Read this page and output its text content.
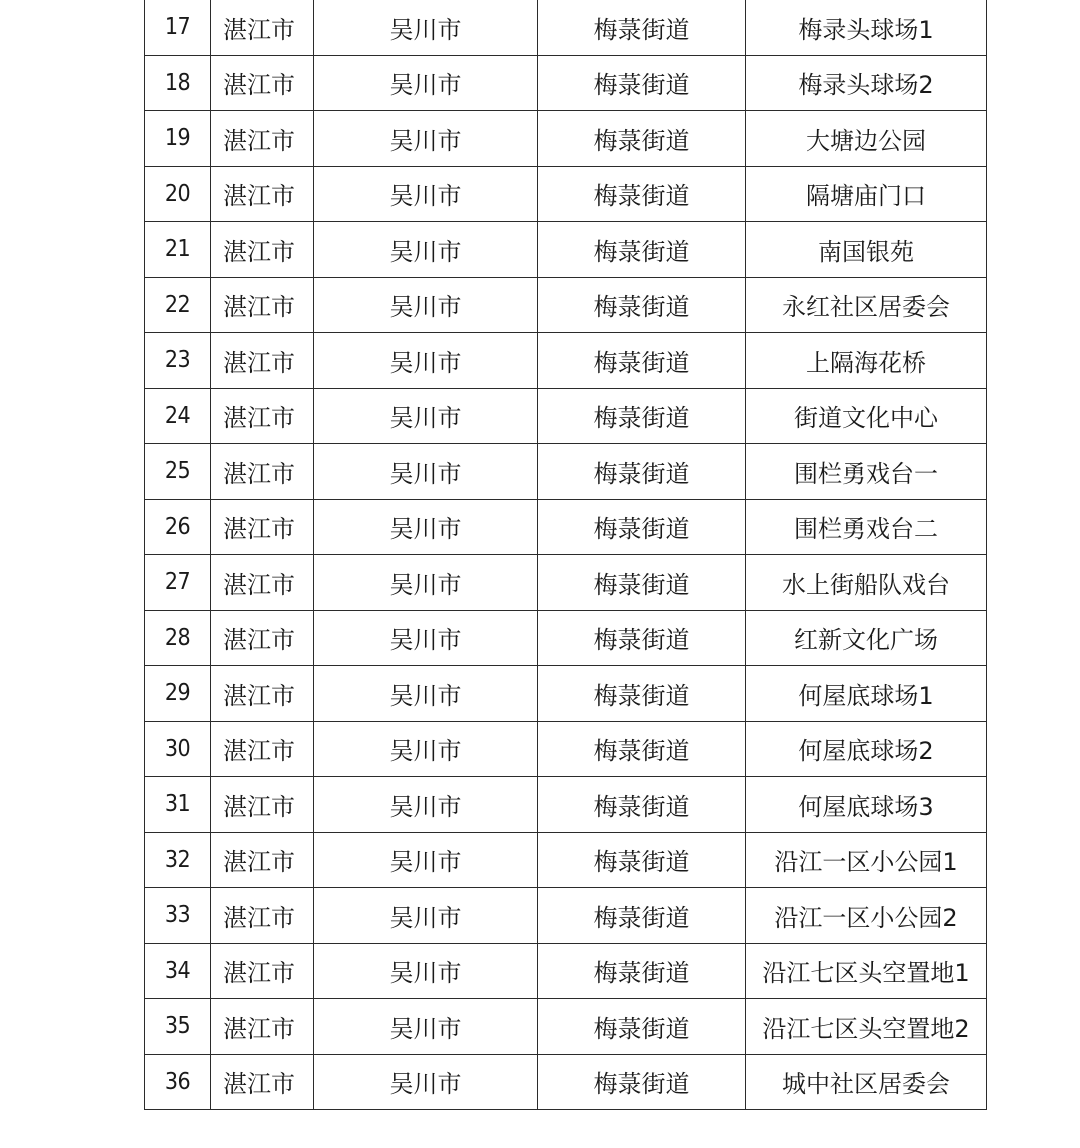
17	湛江市	吴川市	梅菉街道	梅录头球场1
18	湛江市	吴川市	梅菉街道	梅录头球场2
19	湛江市	吴川市	梅菉街道	大塘边公园
20	湛江市	吴川市	梅菉街道	隔塘庙门口
21	湛江市	吴川市	梅菉街道	南国银苑
22	湛江市	吴川市	梅菉街道	永红社区居委会
23	湛江市	吴川市	梅菉街道	上隔海花桥
24	湛江市	吴川市	梅菉街道	街道文化中心
25	湛江市	吴川市	梅菉街道	围栏勇戏台一
26	湛江市	吴川市	梅菉街道	围栏勇戏台二
27	湛江市	吴川市	梅菉街道	水上街船队戏台
28	湛江市	吴川市	梅菉街道	红新文化广场
29	湛江市	吴川市	梅菉街道	何屋底球场1
30	湛江市	吴川市	梅菉街道	何屋底球场2
31	湛江市	吴川市	梅菉街道	何屋底球场3
32	湛江市	吴川市	梅菉街道	沿江一区小公园1
33	湛江市	吴川市	梅菉街道	沿江一区小公园2
34	湛江市	吴川市	梅菉街道	沿江七区头空置地1
35	湛江市	吴川市	梅菉街道	沿江七区头空置地2
36	湛江市	吴川市	梅菉街道	城中社区居委会
